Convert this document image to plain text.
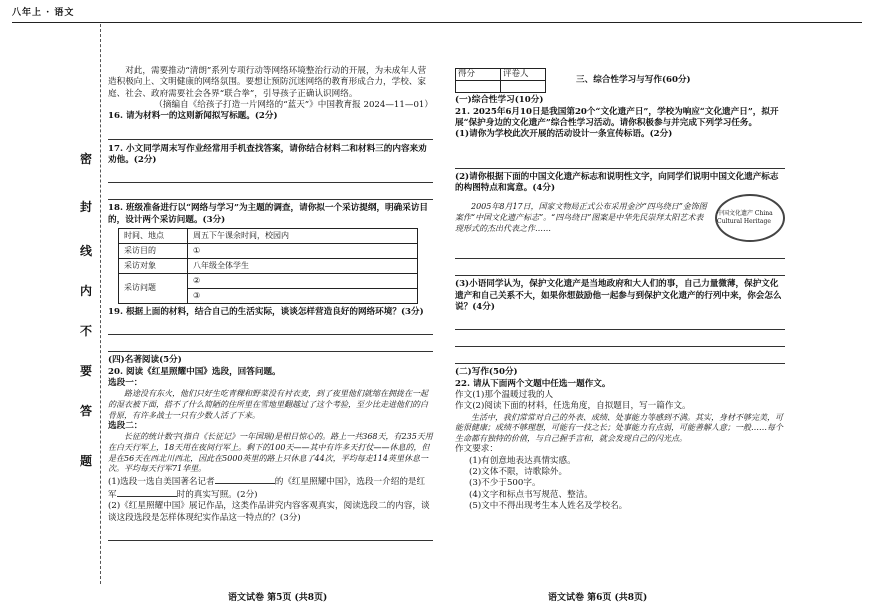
八年上 · 语文
密
封
线
内
不
要
答
题
对此，需要推动“清朗”系列专项行动等网络环境整治行动的开展，为未成年人营造积极向上、文明健康的网络氛围。要想让预防沉迷网络的教育形成合力，学校、家庭、社会、政府需要社会各界“联合拳”，引导孩子正确认识网络。
（摘编自《给孩子打造一片网络的“蓝天”》中国教育报 2024—11—01）
16. 请为材料一的这则新闻拟写标题。(2分)
17. 小文同学周末写作业经常用手机查找答案，请你结合材料二和材料三的内容来劝劝他。(2分)
18. 班级准备进行以“网络与学习”为主题的调查，请你拟一个采访提纲，明确采访目的，设计两个采访问题。(3分)
时间、地点	周五下午课余时间，校园内
采访目的	①
采访对象	八年级全体学生
采访问题	②
	③
19. 根据上面的材料，结合自己的生活实际，谈谈怎样营造良好的网络环境？(3分)
(四)名著阅读(5分)
20. 阅读《红星照耀中国》选段，回答问题。
选段一：
路途没有东火，他们只好生吃青稞和野菜没有衬衣麦，到了夜里他们就缩在拥拢在一起的湿衣被下面，搭不了什么简陋的住所里在雪地里翻越过了这个考验，至少比走进他们的白骨原，有许多战士一只有少数人活了下来。
选段二：
长征的统计数字(指自《长征记》一年国瑞)是相目惊心的。路上一共368天，有235天用在白天行军上，18天用在夜间行军上。剩下的100天——其中有许多天打仗——休息的，但是在56天在西北川西北，因此在5000英里的路上只休息了44次，平均每走114英里休息一次。平均每天行军71华里。
(1)选段一选自美国著名记者	的《红星照耀中国》，选段一介绍的是红军	时的真实写照。(2分)
(2)《红星照耀中国》展记作品，这类作品讲究内容客观真实，阅读选段二的内容，谈谈这段选段是怎样体现纪实作品这一特点的？(3分)
语文试卷 第5页 (共8页)
得分	评卷人

三、综合性学习与写作(60分)
(一)综合性学习(10分)
21. 2025年6月10日是我国第20个“文化遗产日”，学校为响应“文化遗产日”，拟开展“保护身边的文化遗产”综合性学习活动。请你积极参与并完成下列学习任务。
(1)请你为学校此次开展的活动设计一条宣传标语。(2分)
(2)请你根据下面的中国文化遗产标志和说明性文字，向同学们说明中国文化遗产标志的构图特点和寓意。(4分)
2005年8月17日，国家文物局正式公布采用金沙“四鸟绕日”金饰图案作“中国文化遗产标志”。“四鸟绕日”图案是中华先民崇拜太阳艺术表现形式的杰出代表之作……
中国文化遗产 China Cultural Heritage
(3)小语同学认为，保护文化遗产是当地政府和大人们的事，自己力量微薄，保护文化遗产和自己关系不大，如果你想鼓励他一起参与到保护文化遗产的行列中来，你会怎么说？(4分)
(二)写作(50分)
22. 请从下面两个文题中任选一题作文。
作文(1)那个温暖过我的人
作文(2)阅读下面的材料，任选角度，自拟题目，写一篇作文。
生活中，我们常常对自己的外表、成绩、处事能力等感到不满。其实，身材不够完美，可能很健康；成绩不够理想，可能有一技之长；处事能力有点弱，可能善解人意；一般……每个生命都有独特的价值，与自己握手言和，就会发现自己的闪光点。
作文要求：
(1)有创意地表达真情实感。
(2)文体不限，诗歌除外。
(3)不少于500字。
(4)文字和标点书写规范、整洁。
(5)文中不得出现考生本人姓名及学校名。
语文试卷 第6页 (共8页)
